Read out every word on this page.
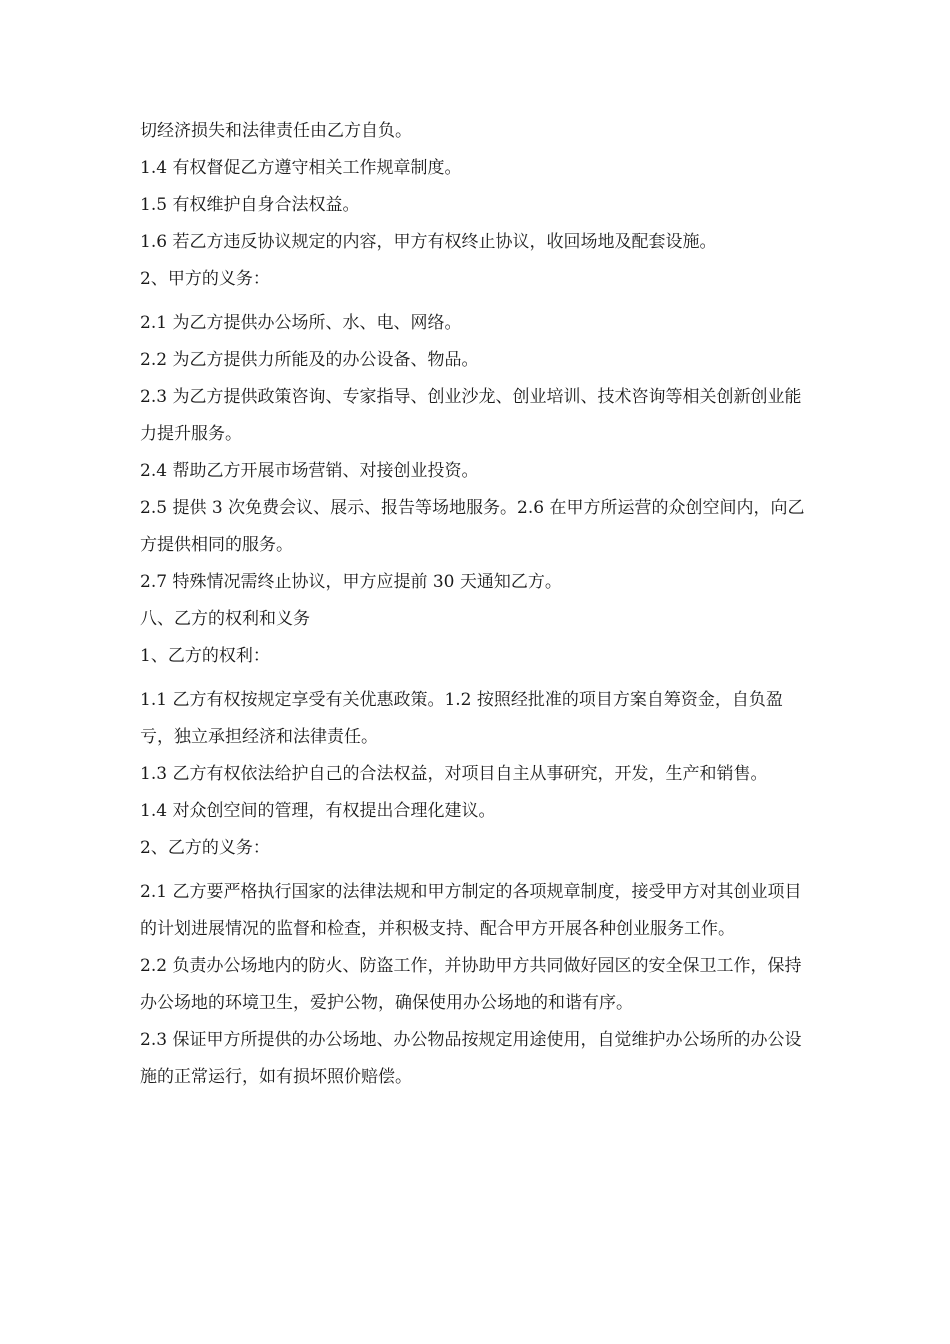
切经济损失和法律责任由乙方自负。

1.4 有权督促乙方遵守相关工作规章制度。

1.5 有权维护自身合法权益。

1.6 若乙方违反协议规定的内容，甲方有权终止协议，收回场地及配套设施。

2、甲方的义务：

2.1 为乙方提供办公场所、水、电、网络。

2.2 为乙方提供力所能及的办公设备、物品。

2.3 为乙方提供政策咨询、专家指导、创业沙龙、创业培训、技术咨询等相关创新创业能力提升服务。

2.4 帮助乙方开展市场营销、对接创业投资。

2.5 提供 3 次免费会议、展示、报告等场地服务。2.6 在甲方所运营的众创空间内，向乙方提供相同的服务。

2.7 特殊情况需终止协议，甲方应提前 30 天通知乙方。

八、乙方的权利和义务

1、乙方的权利：

1.1 乙方有权按规定享受有关优惠政策。1.2 按照经批准的项目方案自筹资金，自负盈亏，独立承担经济和法律责任。

1.3 乙方有权依法给护自己的合法权益，对项目自主从事研究，开发，生产和销售。

1.4 对众创空间的管理，有权提出合理化建议。

2、乙方的义务：

2.1 乙方要严格执行国家的法律法规和甲方制定的各项规章制度，接受甲方对其创业项目的计划进展情况的监督和检查，并积极支持、配合甲方开展各种创业服务工作。

2.2 负责办公场地内的防火、防盗工作，并协助甲方共同做好园区的安全保卫工作，保持办公场地的环境卫生，爱护公物，确保使用办公场地的和谐有序。

2.3 保证甲方所提供的办公场地、办公物品按规定用途使用，自觉维护办公场所的办公设施的正常运行，如有损坏照价赔偿。
